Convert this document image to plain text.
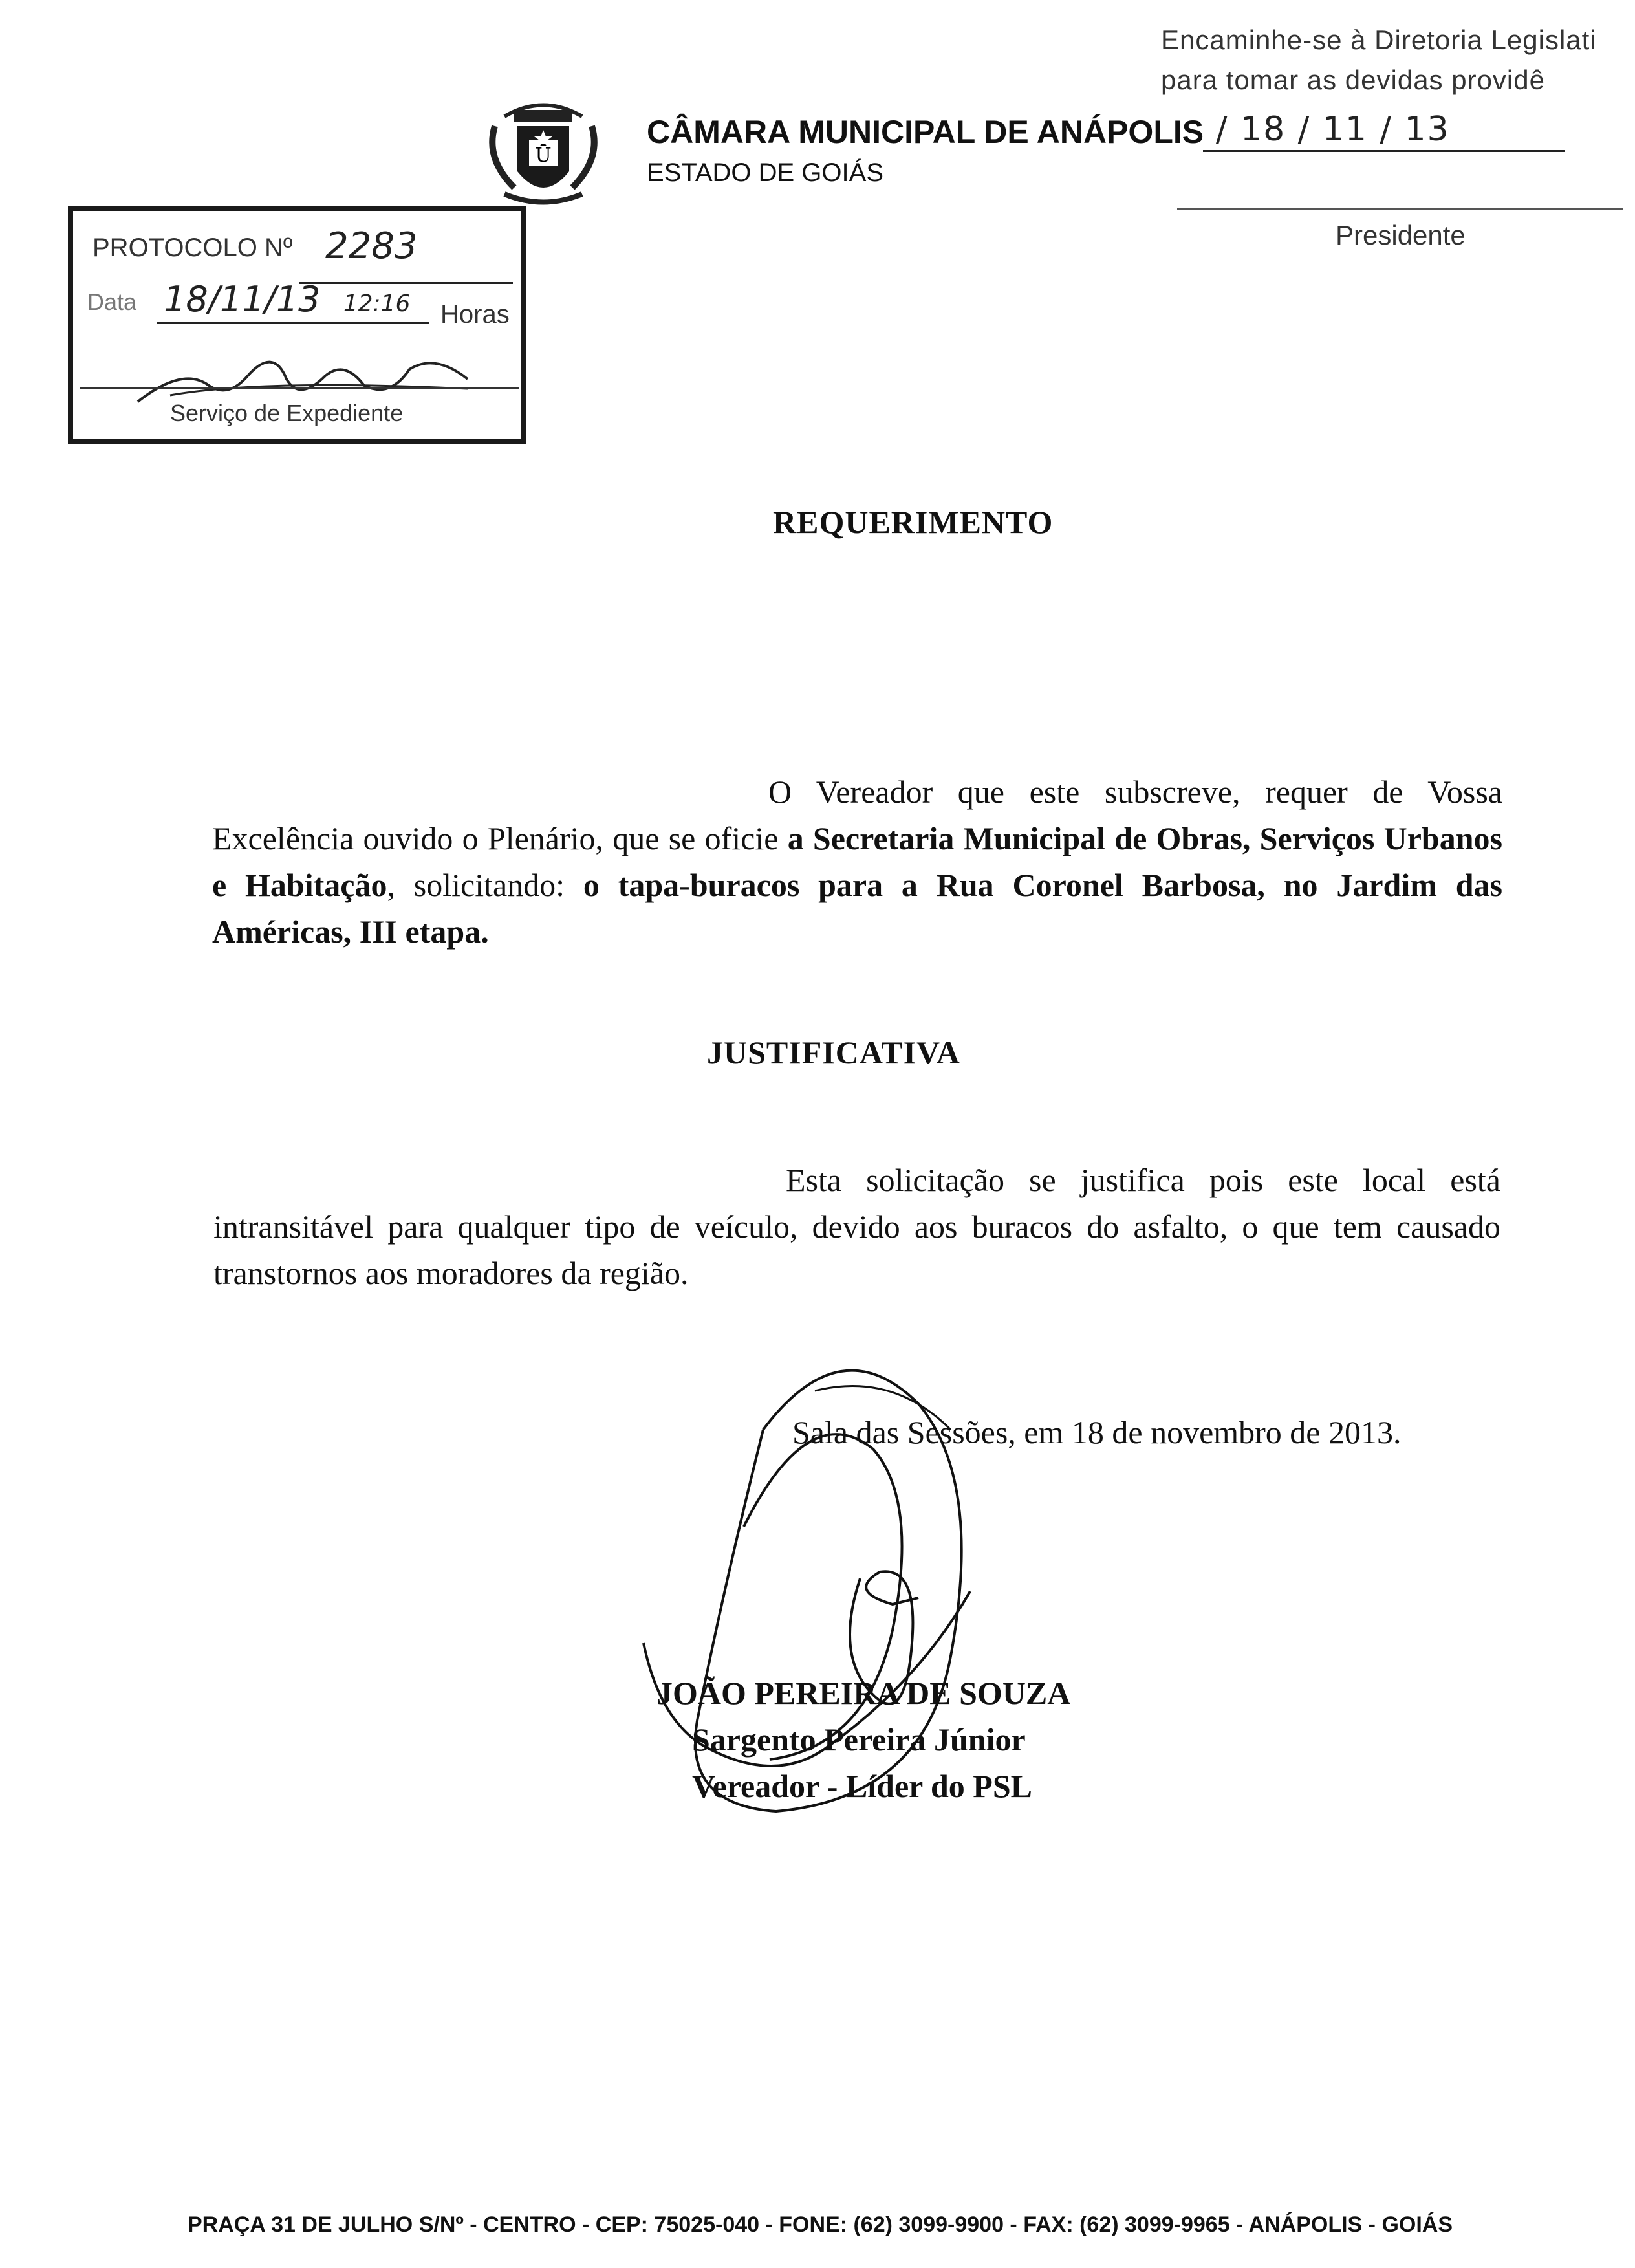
Ū
CÂMARA MUNICIPAL DE ANÁPOLIS
ESTADO DE GOIÁS
Encaminhe-se à Diretoria Legislati
para tomar as devidas providê
/ 18 / 11 / 13
Presidente
PROTOCOLO Nº 2283
Data 18/11/13 12:16 Horas
Serviço de Expediente
REQUERIMENTO
O Vereador que este subscreve, requer de Vossa Excelência ouvido o Plenário, que se oficie a Secretaria Municipal de Obras, Serviços Urbanos e Habitação, solicitando: o tapa-buracos para a Rua Coronel Barbosa, no Jardim das Américas, III etapa.
JUSTIFICATIVA
Esta solicitação se justifica pois este local está intransitável para qualquer tipo de veículo, devido aos buracos do asfalto, o que tem causado transtornos aos moradores da região.
Sala das Sessões, em 18 de novembro de 2013.
JOÃO PEREIRA DE SOUZA
Sargento Pereira Júnior
Vereador - Líder do PSL
PRAÇA 31 DE JULHO S/Nº - CENTRO - CEP: 75025-040 - FONE: (62) 3099-9900 - FAX: (62) 3099-9965 - ANÁPOLIS - GOIÁS
